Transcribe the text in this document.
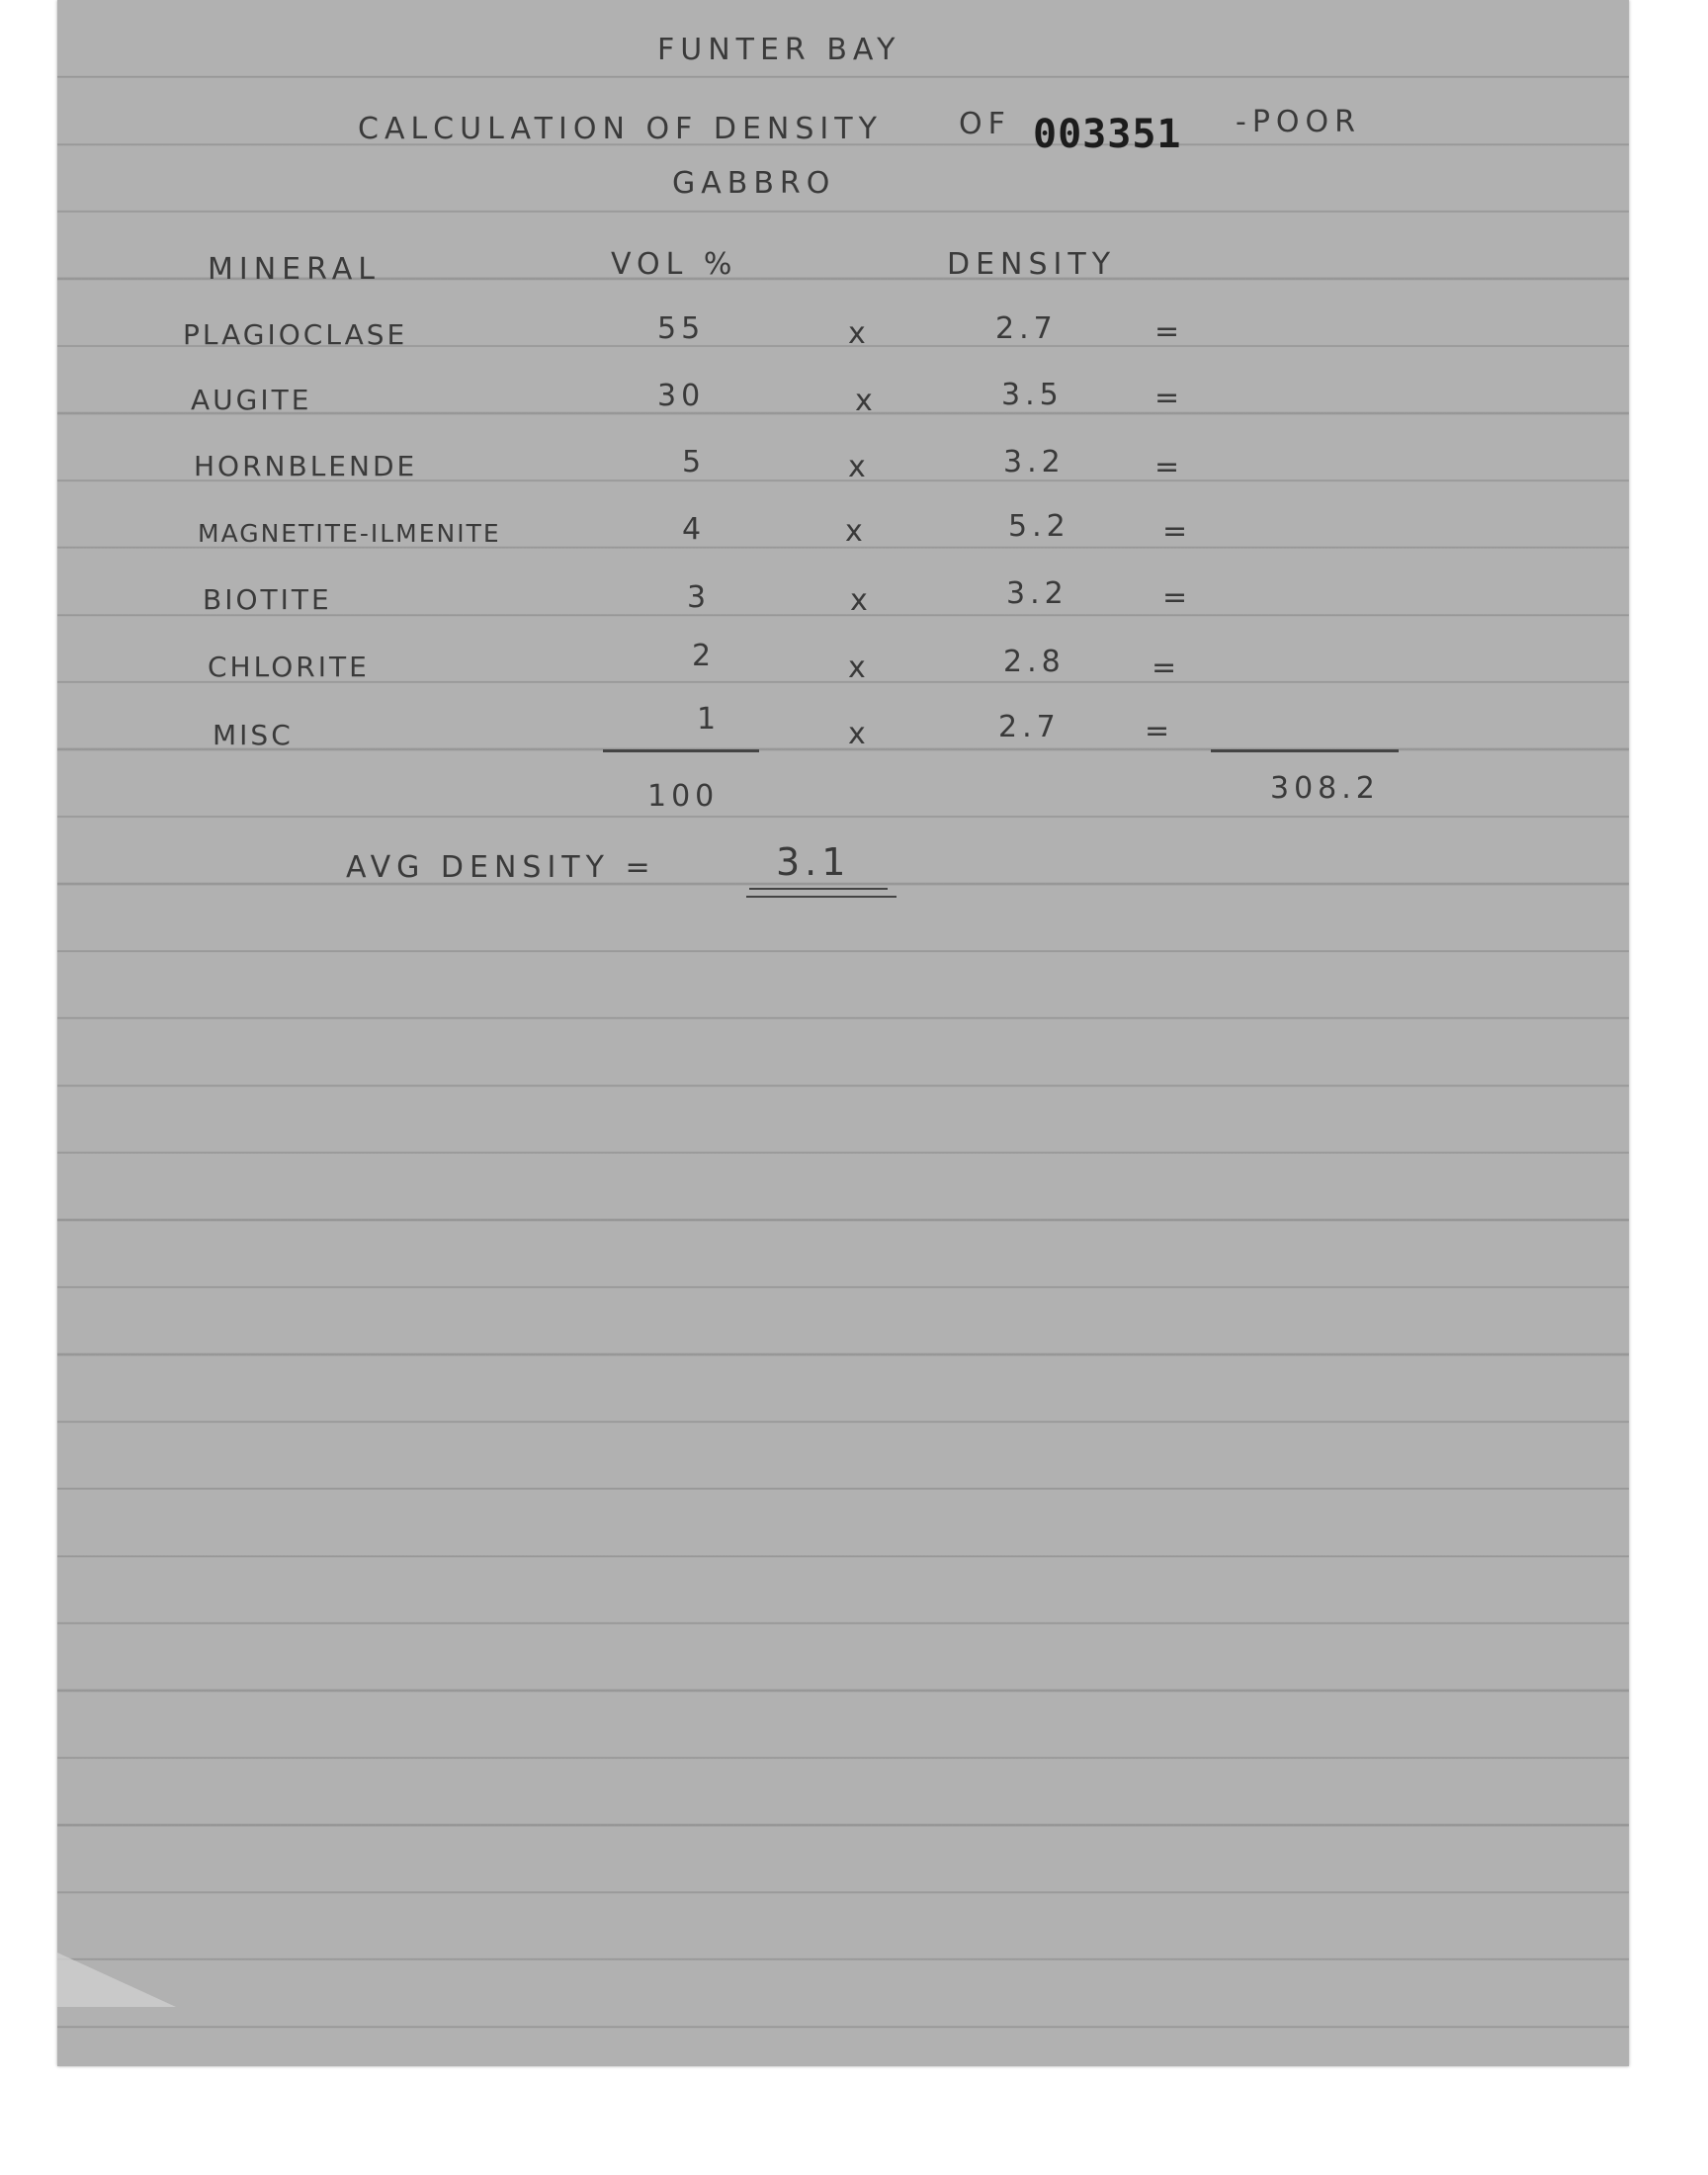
FUNTER BAY
CALCULATION OF DENSITY	OF 003351 -POOR
GABBRO
MINERAL	VOL %	DENSITY
PLAGIOCLASE	55	x	2.7	=
AUGITE	30	x	3.5	=
HORNBLENDE	5	x	3.2	=
MAGNETITE-ILMENITE	4	x	5.2	=
BIOTITE	3	x	3.2	=
CHLORITE	2	x	2.8	=
MISC	1	x	2.7	=
100	308.2
AVG DENSITY =	3.1
